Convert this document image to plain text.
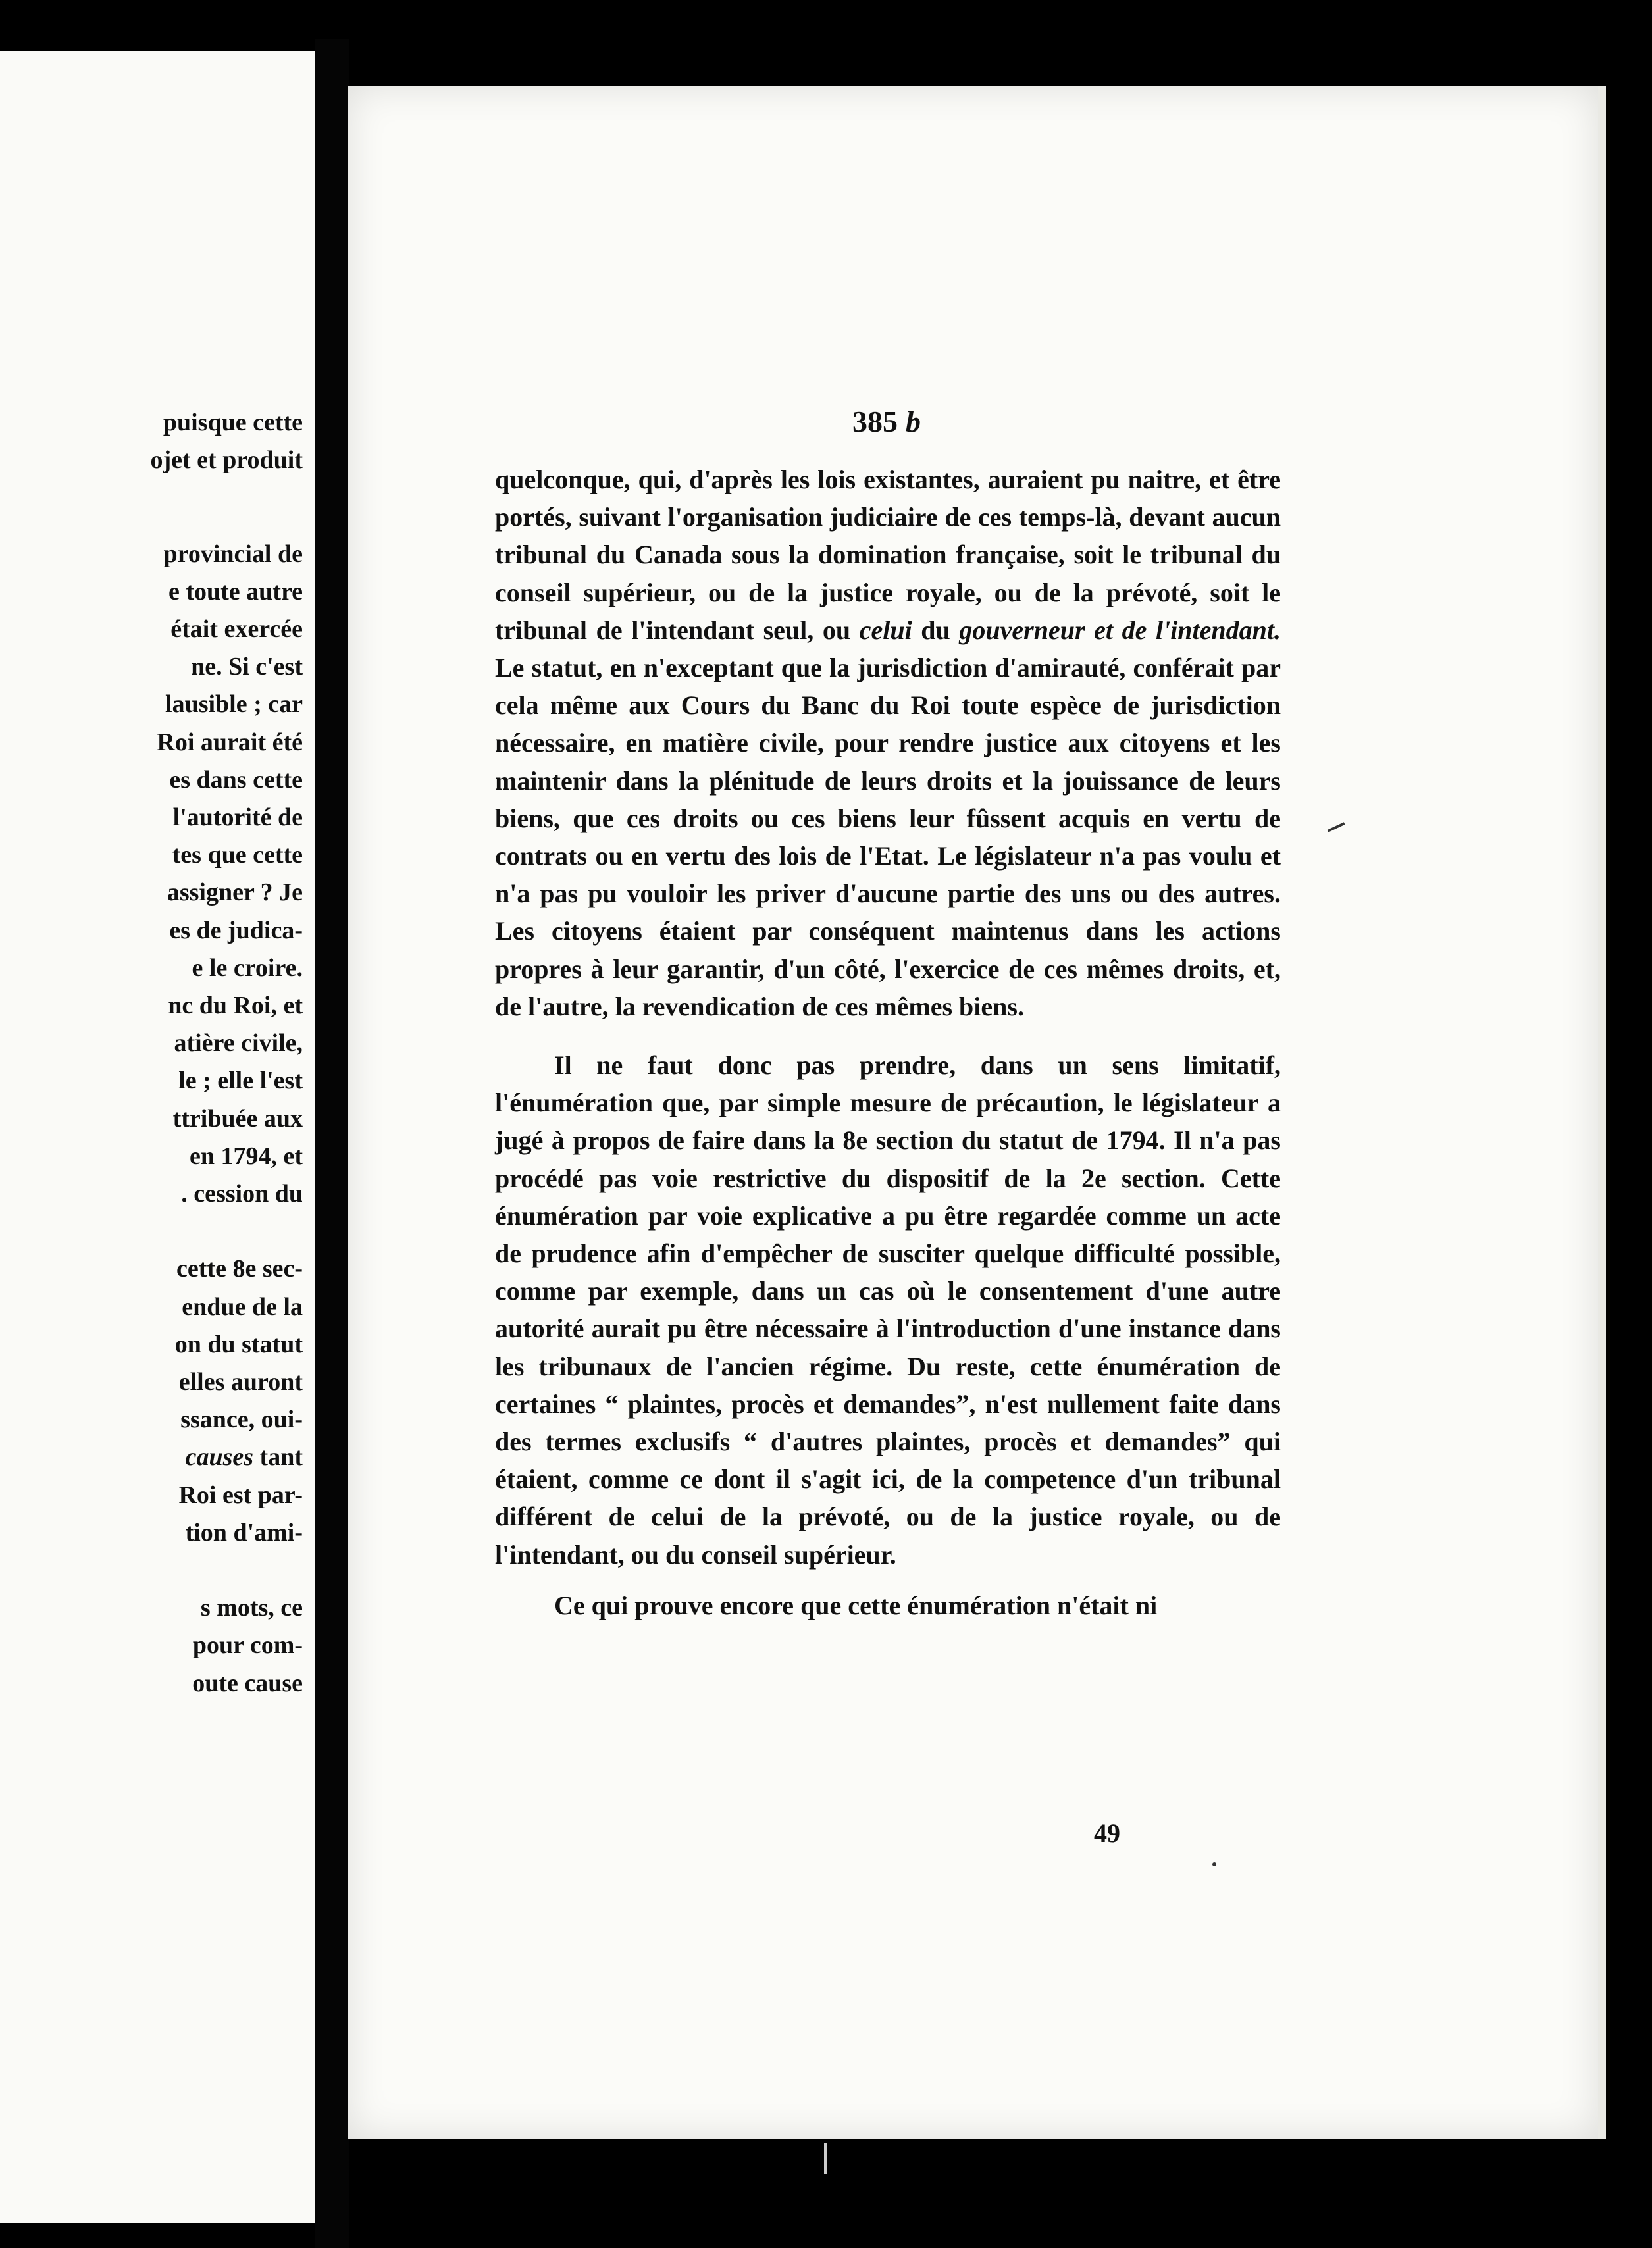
puisque cette
ojet et produit
provincial de
e toute autre
était exercée
ne. Si c'est
lausible ; car
Roi aurait été
es dans cette
l'autorité de
tes que cette
assigner ? Je
es de judica-
e le croire.
nc du Roi, et
atière civile,
le ; elle l'est
ttribuée aux
en 1794, et
. cession du
cette 8e sec-
endue de la
on du statut
elles auront
ssance, oui-
causes tant
Roi est par-
tion d'ami-
s mots, ce
pour com-
oute cause
385 b

quelconque, qui, d'après les lois existantes, auraient pu naitre, et être portés, suivant l'organisation judiciaire de ces temps-là, devant aucun tribunal du Canada sous la domination française, soit le tribunal du conseil supérieur, ou de la justice royale, ou de la prévoté, soit le tribunal de l'intendant seul, ou celui du gouverneur et de l'intendant. Le statut, en n'exceptant que la jurisdiction d'amirauté, conférait par cela même aux Cours du Banc du Roi toute espèce de jurisdiction nécessaire, en matière civile, pour rendre justice aux citoyens et les maintenir dans la plénitude de leurs droits et la jouissance de leurs biens, que ces droits ou ces biens leur fûssent acquis en vertu de contrats ou en vertu des lois de l'Etat. Le législateur n'a pas voulu et n'a pas pu vouloir les priver d'aucune partie des uns ou des autres. Les citoyens étaient par conséquent maintenus dans les actions propres à leur garantir, d'un côté, l'exercice de ces mêmes droits, et, de l'autre, la revendication de ces mêmes biens.

Il ne faut donc pas prendre, dans un sens limitatif, l'énumération que, par simple mesure de précaution, le législateur a jugé à propos de faire dans la 8e section du statut de 1794. Il n'a pas procédé pas voie restrictive du dispositif de la 2e section. Cette énumération par voie explicative a pu être regardée comme un acte de prudence afin d'empêcher de susciter quelque difficulté possible, comme par exemple, dans un cas où le consentement d'une autre autorité aurait pu être nécessaire à l'introduction d'une instance dans les tribunaux de l'ancien régime. Du reste, cette énumération de certaines “ plaintes, procès et demandes”, n'est nullement faite dans des termes exclusifs “ d'autres plaintes, procès et demandes” qui étaient, comme ce dont il s'agit ici, de la competence d'un tribunal différent de celui de la prévoté, ou de la justice royale, ou de l'intendant, ou du conseil supérieur.

Ce qui prouve encore que cette énumération n'était ni

49
